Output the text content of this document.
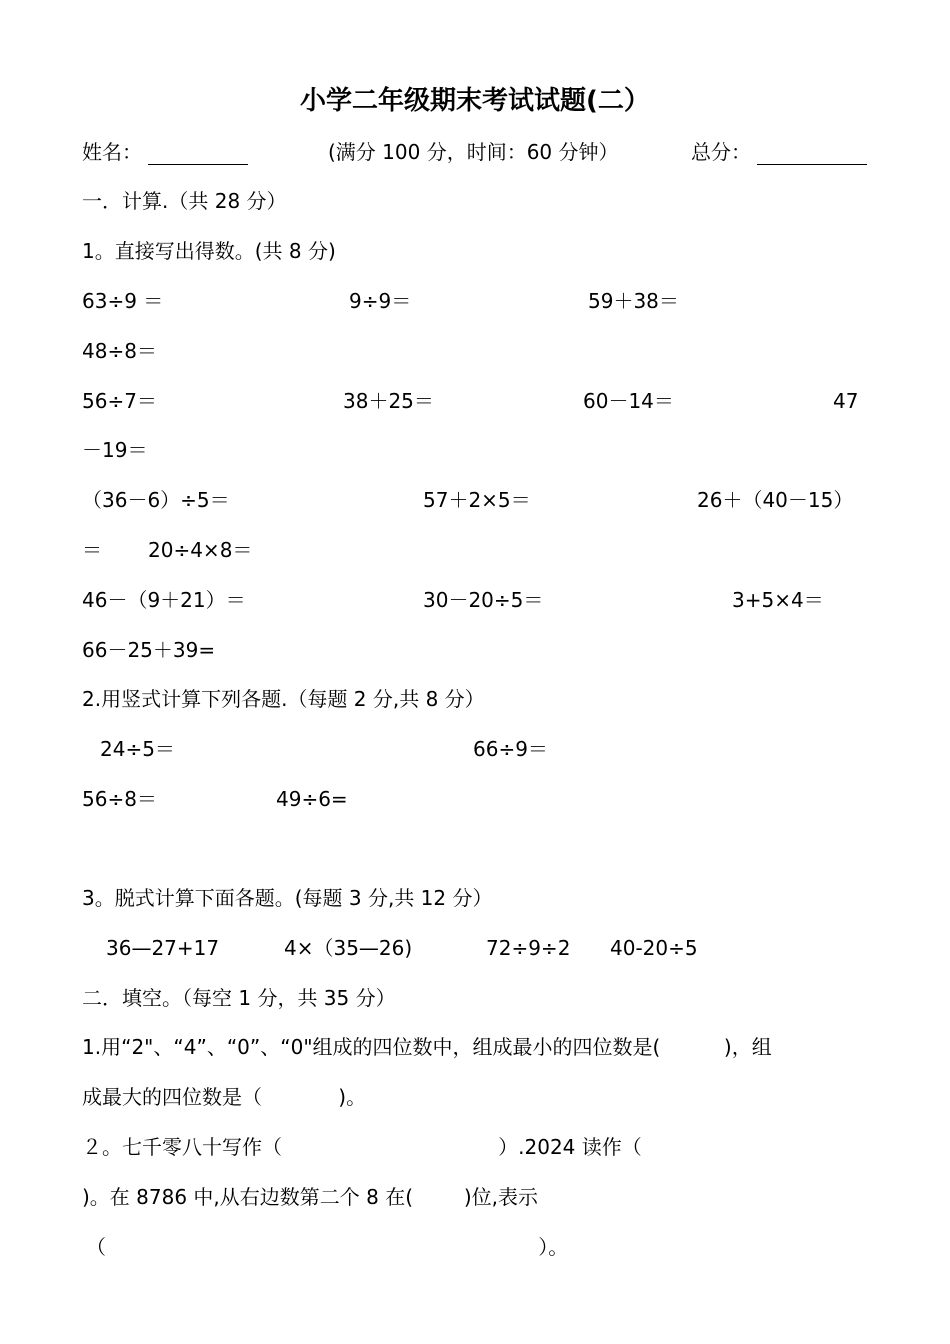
小学二年级期末考试试题(二）
姓名：	(满分 100 分，时间：60 分钟）	总分：
一．计算.（共 28 分）
1。直接写出得数。(共 8 分)
63÷9 ＝	9÷9＝	59＋38＝
48÷8＝
56÷7＝	38＋25＝	60－14＝	47
－19＝
（36－6）÷5＝	57＋2×5＝	26＋（40－15）
＝ 20÷4×8＝
46－（9＋21）＝	30－20÷5＝	3+5×4＝
66－25＋39=
2.用竖式计算下列各题.（每题 2 分,共 8 分）
24÷5＝	66÷9＝
56÷8＝	49÷6=
3。脱式计算下面各题。(每题 3 分,共 12 分）
36—27+17	4×（35—26)	72÷9÷2 40-20÷5
二．填空。（每空 1 分，共 35 分）
1.用“2"、“4”、“0”、“0"组成的四位数中，组成最小的四位数是(          )，组
成最大的四位数是（            )。
２。七千零八十写作（                                  ）.2024 读作（
)。在 8786 中,从右边数第二个 8 在(        )位,表示
（                                                                    ）。
